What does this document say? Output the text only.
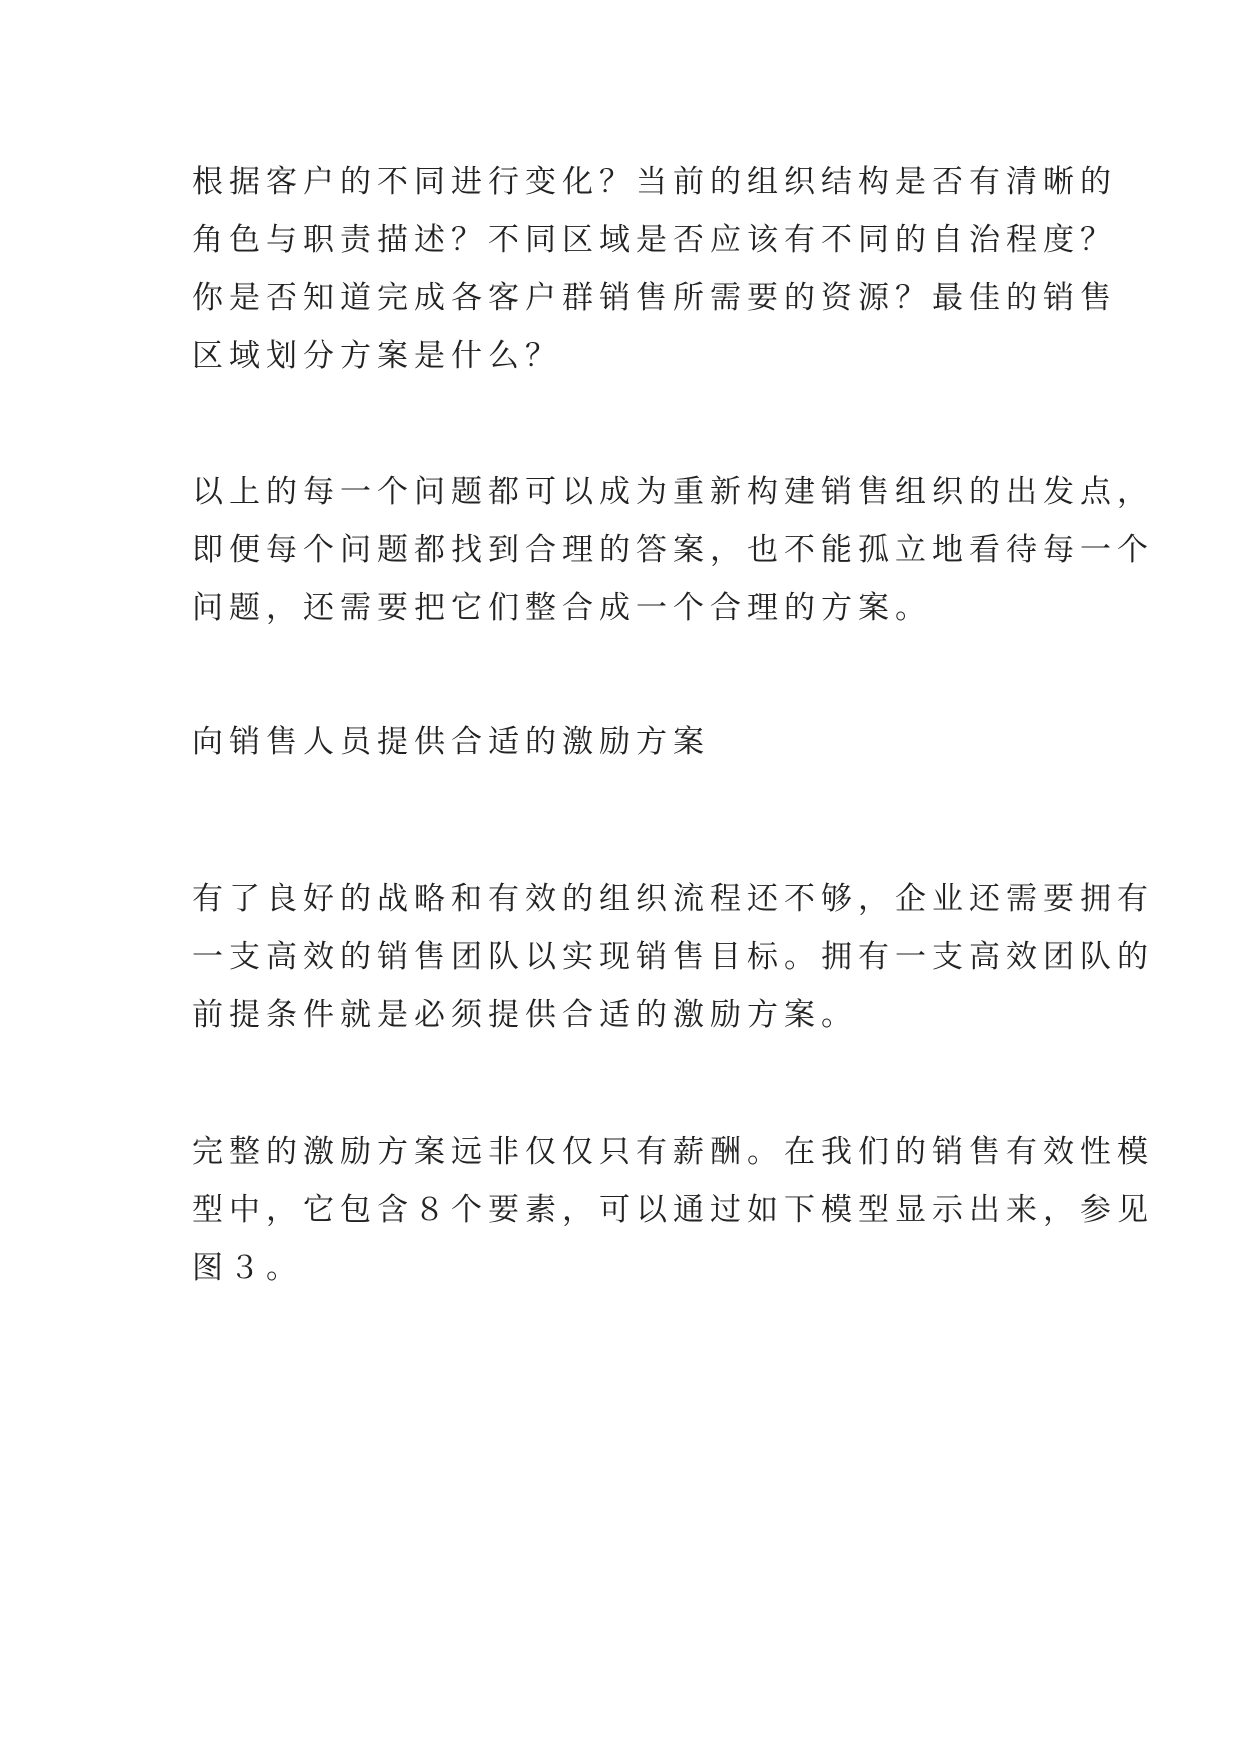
根据客户的不同进行变化？当前的组织结构是否有清晰的
角色与职责描述？不同区域是否应该有不同的自治程度？
你是否知道完成各客户群销售所需要的资源？最佳的销售
区域划分方案是什么？

以上的每一个问题都可以成为重新构建销售组织的出发点，
即便每个问题都找到合理的答案，也不能孤立地看待每一个
问题，还需要把它们整合成一个合理的方案。

向销售人员提供合适的激励方案

有了良好的战略和有效的组织流程还不够，企业还需要拥有
一支高效的销售团队以实现销售目标。拥有一支高效团队的
前提条件就是必须提供合适的激励方案。

完整的激励方案远非仅仅只有薪酬。在我们的销售有效性模
型中，它包含８个要素，可以通过如下模型显示出来，参见
图３。
